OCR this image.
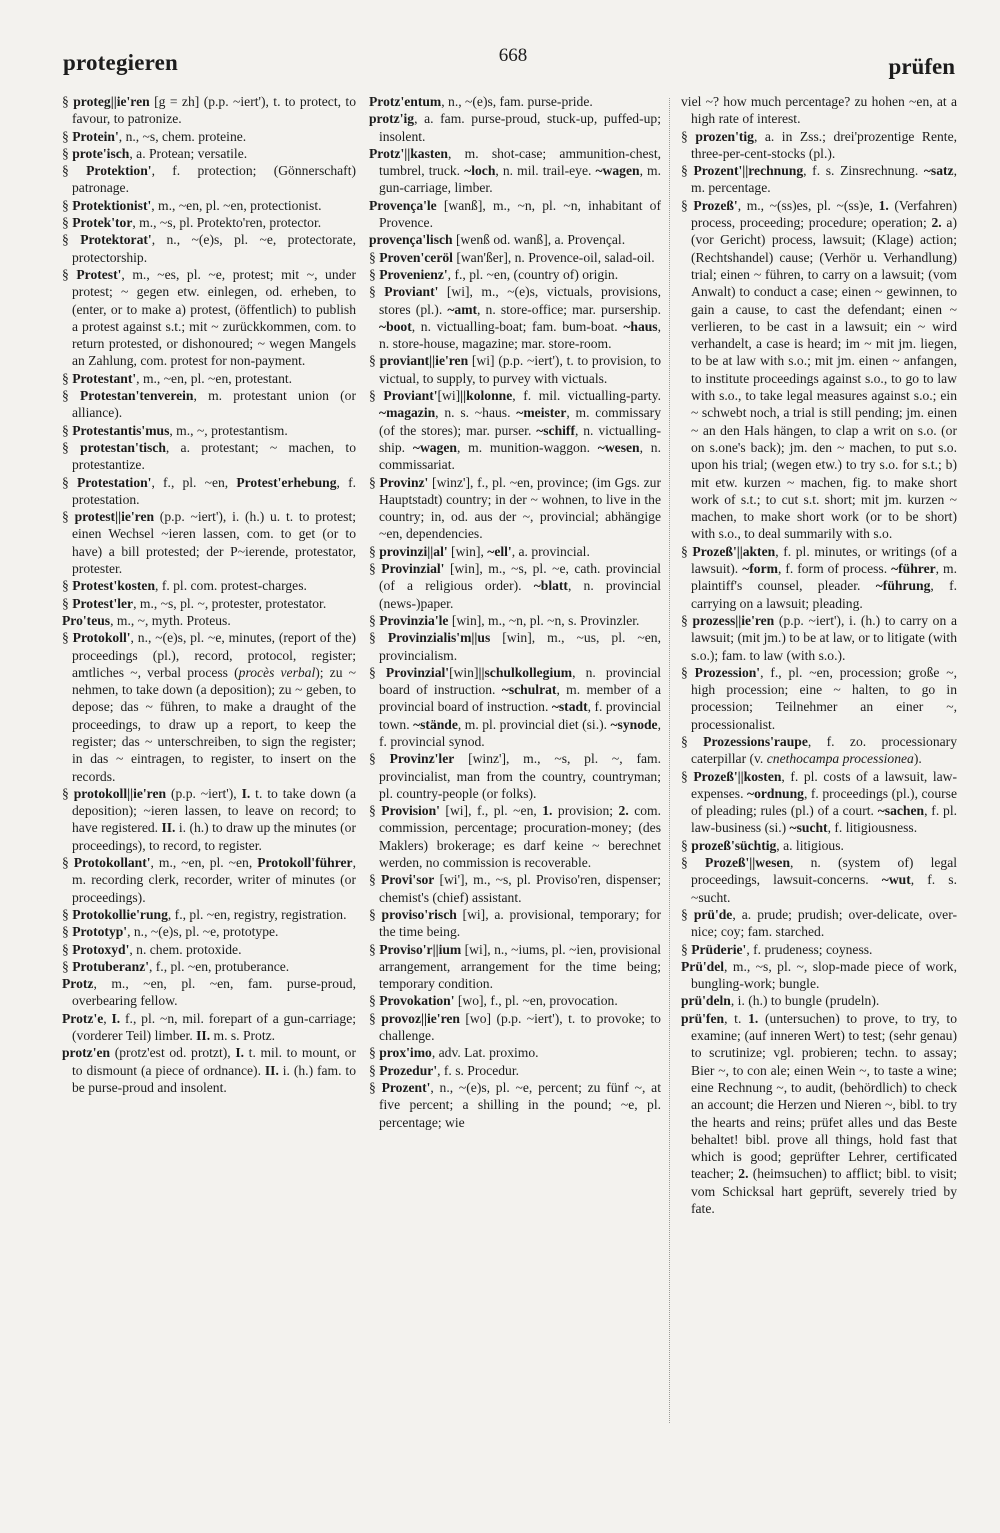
protegieren	668	prüfen

§ proteg||ie'ren [g = zh] (p.p. ~iert'), t. to protect, to favour, to patronize.

§ Protein', n., ~s, chem. proteine.

§ prote'isch, a. Protean; versatile.

§ Protektion', f. protection; (Gönnerschaft) patronage.

§ Protektionist', m., ~en, pl. ~en, protectionist.

§ Protek'tor, m., ~s, pl. Protekto'ren, protector.

§ Protektorat', n., ~(e)s, pl. ~e, protectorate, protectorship.

§ Protest', m., ~es, pl. ~e, protest; mit ~, under protest; ~ gegen etw. einlegen, od. erheben, to (enter, or to make a) protest, (öffentlich) to publish a protest against s.t.; mit ~ zurückkommen, com. to return protested, or dishonoured; ~ wegen Mangels an Zahlung, com. protest for non-payment.

§ Protestant', m., ~en, pl. ~en, protestant.

§ Protestan'tenverein, m. protestant union (or alliance).

§ Protestantis'mus, m., ~, protestantism.

§ protestan'tisch, a. protestant; ~ machen, to protestantize.

§ Protestation', f., pl. ~en, Protest'erhebung, f. protestation.

§ protest||ie'ren (p.p. ~iert'), i. (h.) u. t. to protest; einen Wechsel ~ieren lassen, com. to get (or to have) a bill protested; der P~ierende, protestator, protester.

§ Protest'kosten, f. pl. com. protest-charges.

§ Protest'ler, m., ~s, pl. ~, protester, protestator.

Pro'teus, m., ~, myth. Proteus.

§ Protokoll', n., ~(e)s, pl. ~e, minutes, (report of the) proceedings (pl.), record, protocol, register; amtliches ~, verbal process (procès verbal); zu ~ nehmen, to take down (a deposition); zu ~ geben, to depose; das ~ führen, to make a draught of the proceedings, to draw up a report, to keep the register; das ~ unterschreiben, to sign the register; in das ~ eintragen, to register, to insert on the records.

§ protokoll||ie'ren (p.p. ~iert'), I. t. to take down (a deposition); ~ieren lassen, to leave on record; to have registered. II. i. (h.) to draw up the minutes (or proceedings), to record, to register.

§ Protokollant', m., ~en, pl. ~en, Protokoll'führer, m. recording clerk, recorder, writer of minutes (or proceedings).

§ Protokollie'rung, f., pl. ~en, registry, registration.

§ Prototyp', n., ~(e)s, pl. ~e, prototype.

§ Protoxyd', n. chem. protoxide.

§ Protuberanz', f., pl. ~en, protuberance.

Protz, m., ~en, pl. ~en, fam. purse-proud, overbearing fellow.

Protz'e, I. f., pl. ~n, mil. forepart of a gun-carriage; (vorderer Teil) limber. II. m. s. Protz.

protz'en (protz'est od. protzt), I. t. mil. to mount, or to dismount (a piece of ordnance). II. i. (h.) fam. to be purse-proud and insolent.

Protz'entum, n., ~(e)s, fam. purse-pride.

protz'ig, a. fam. purse-proud, stuck-up, puffed-up; insolent.

Protz'||kasten, m. shot-case; ammunition-chest, tumbrel, truck. ~loch, n. mil. trail-eye. ~wagen, m. gun-carriage, limber.

Provença'le [wanß], m., ~n, pl. ~n, inhabitant of Provence.

provença'lisch [wenß od. wanß], a. Provençal.

§ Proven'ceröl [wan'ßer], n. Provence-oil, salad-oil.

§ Provenienz', f., pl. ~en, (country of) origin.

§ Proviant' [wi], m., ~(e)s, victuals, provisions, stores (pl.). ~amt, n. store-office; mar. pursership. ~boot, n. victualling-boat; fam. bum-boat. ~haus, n. store-house, magazine; mar. store-room.

§ proviant||ie'ren [wi] (p.p. ~iert'), t. to provision, to victual, to supply, to purvey with victuals.

§ Proviant'[wi]||kolonne, f. mil. victualling-party. ~magazin, n. s. ~haus. ~meister, m. commissary (of the stores); mar. purser. ~schiff, n. victualling-ship. ~wagen, m. munition-waggon. ~wesen, n. commissariat.

§ Provinz' [winz'], f., pl. ~en, province; (im Ggs. zur Hauptstadt) country; in der ~ wohnen, to live in the country; in, od. aus der ~, provincial; abhängige ~en, dependencies.

§ provinzi||al' [win], ~ell', a. provincial.

§ Provinzial' [win], m., ~s, pl. ~e, cath. provincial (of a religious order). ~blatt, n. provincial (news-)paper.

§ Provinzia'le [win], m., ~n, pl. ~n, s. Provinzler.

§ Provinzialis'm||us [win], m., ~us, pl. ~en, provincialism.

§ Provinzial'[win]||schulkollegium, n. provincial board of instruction. ~schulrat, m. member of a provincial board of instruction. ~stadt, f. provincial town. ~stände, m. pl. provincial diet (si.). ~synode, f. provincial synod.

§ Provinz'ler [winz'], m., ~s, pl. ~, fam. provincialist, man from the country, countryman; pl. country-people (or folks).

§ Provision' [wi], f., pl. ~en, 1. provision; 2. com. commission, percentage; procuration-money; (des Maklers) brokerage; es darf keine ~ berechnet werden, no commission is recoverable.

§ Provi'sor [wi'], m., ~s, pl. Proviso'ren, dispenser; chemist's (chief) assistant.

§ proviso'risch [wi], a. provisional, temporary; for the time being.

§ Proviso'r||ium [wi], n., ~iums, pl. ~ien, provisional arrangement, arrangement for the time being; temporary condition.

§ Provokation' [wo], f., pl. ~en, provocation.

§ provoz||ie'ren [wo] (p.p. ~iert'), t. to provoke; to challenge.

§ prox'imo, adv. Lat. proximo.

§ Prozedur', f. s. Procedur.

§ Prozent', n., ~(e)s, pl. ~e, percent; zu fünf ~, at five percent; a shilling in the pound; ~e, pl. percentage; wie

viel ~? how much percentage? zu hohen ~en, at a high rate of interest.

§ prozen'tig, a. in Zss.; drei'prozentige Rente, three-per-cent-stocks (pl.).

§ Prozent'||rechnung, f. s. Zinsrechnung. ~satz, m. percentage.

§ Prozeß', m., ~(ss)es, pl. ~(ss)e, 1. (Verfahren) process, proceeding; procedure; operation; 2. a) (vor Gericht) process, lawsuit; (Klage) action; (Rechtshandel) cause; (Verhör u. Verhandlung) trial; einen ~ führen, to carry on a lawsuit; (vom Anwalt) to conduct a case; einen ~ gewinnen, to gain a cause, to cast the defendant; einen ~ verlieren, to be cast in a lawsuit; ein ~ wird verhandelt, a case is heard; im ~ mit jm. liegen, to be at law with s.o.; mit jm. einen ~ anfangen, to institute proceedings against s.o., to go to law with s.o., to take legal measures against s.o.; ein ~ schwebt noch, a trial is still pending; jm. einen ~ an den Hals hängen, to clap a writ on s.o. (or on s.one's back); jm. den ~ machen, to put s.o. upon his trial; (wegen etw.) to try s.o. for s.t.; b) mit etw. kurzen ~ machen, fig. to make short work of s.t.; to cut s.t. short; mit jm. kurzen ~ machen, to make short work (or to be short) with s.o., to deal summarily with s.o.

§ Prozeß'||akten, f. pl. minutes, or writings (of a lawsuit). ~form, f. form of process. ~führer, m. plaintiff's counsel, pleader. ~führung, f. carrying on a lawsuit; pleading.

§ prozess||ie'ren (p.p. ~iert'), i. (h.) to carry on a lawsuit; (mit jm.) to be at law, or to litigate (with s.o.); fam. to law (with s.o.).

§ Prozession', f., pl. ~en, procession; große ~, high procession; eine ~ halten, to go in procession; Teilnehmer an einer ~, processionalist.

§ Prozessions'raupe, f. zo. processionary caterpillar (v. cnethocampa processionea).

§ Prozeß'||kosten, f. pl. costs of a lawsuit, law-expenses. ~ordnung, f. proceedings (pl.), course of pleading; rules (pl.) of a court. ~sachen, f. pl. law-business (si.) ~sucht, f. litigiousness.

§ prozeß'süchtig, a. litigious.

§ Prozeß'||wesen, n. (system of) legal proceedings, lawsuit-concerns. ~wut, f. s. ~sucht.

§ prü'de, a. prude; prudish; over-delicate, over-nice; coy; fam. starched.

§ Prüderie', f. prudeness; coyness.

Prü'del, m., ~s, pl. ~, slop-made piece of work, bungling-work; bungle.

prü'deln, i. (h.) to bungle (prudeln).

prü'fen, t. 1. (untersuchen) to prove, to try, to examine; (auf inneren Wert) to test; (sehr genau) to scrutinize; vgl. probieren; techn. to assay; Bier ~, to con ale; einen Wein ~, to taste a wine; eine Rechnung ~, to audit, (behördlich) to check an account; die Herzen und Nieren ~, bibl. to try the hearts and reins; prüfet alles und das Beste behaltet! bibl. prove all things, hold fast that which is good; geprüfter Lehrer, certificated teacher; 2. (heimsuchen) to afflict; bibl. to visit; vom Schicksal hart geprüft, severely tried by fate.
